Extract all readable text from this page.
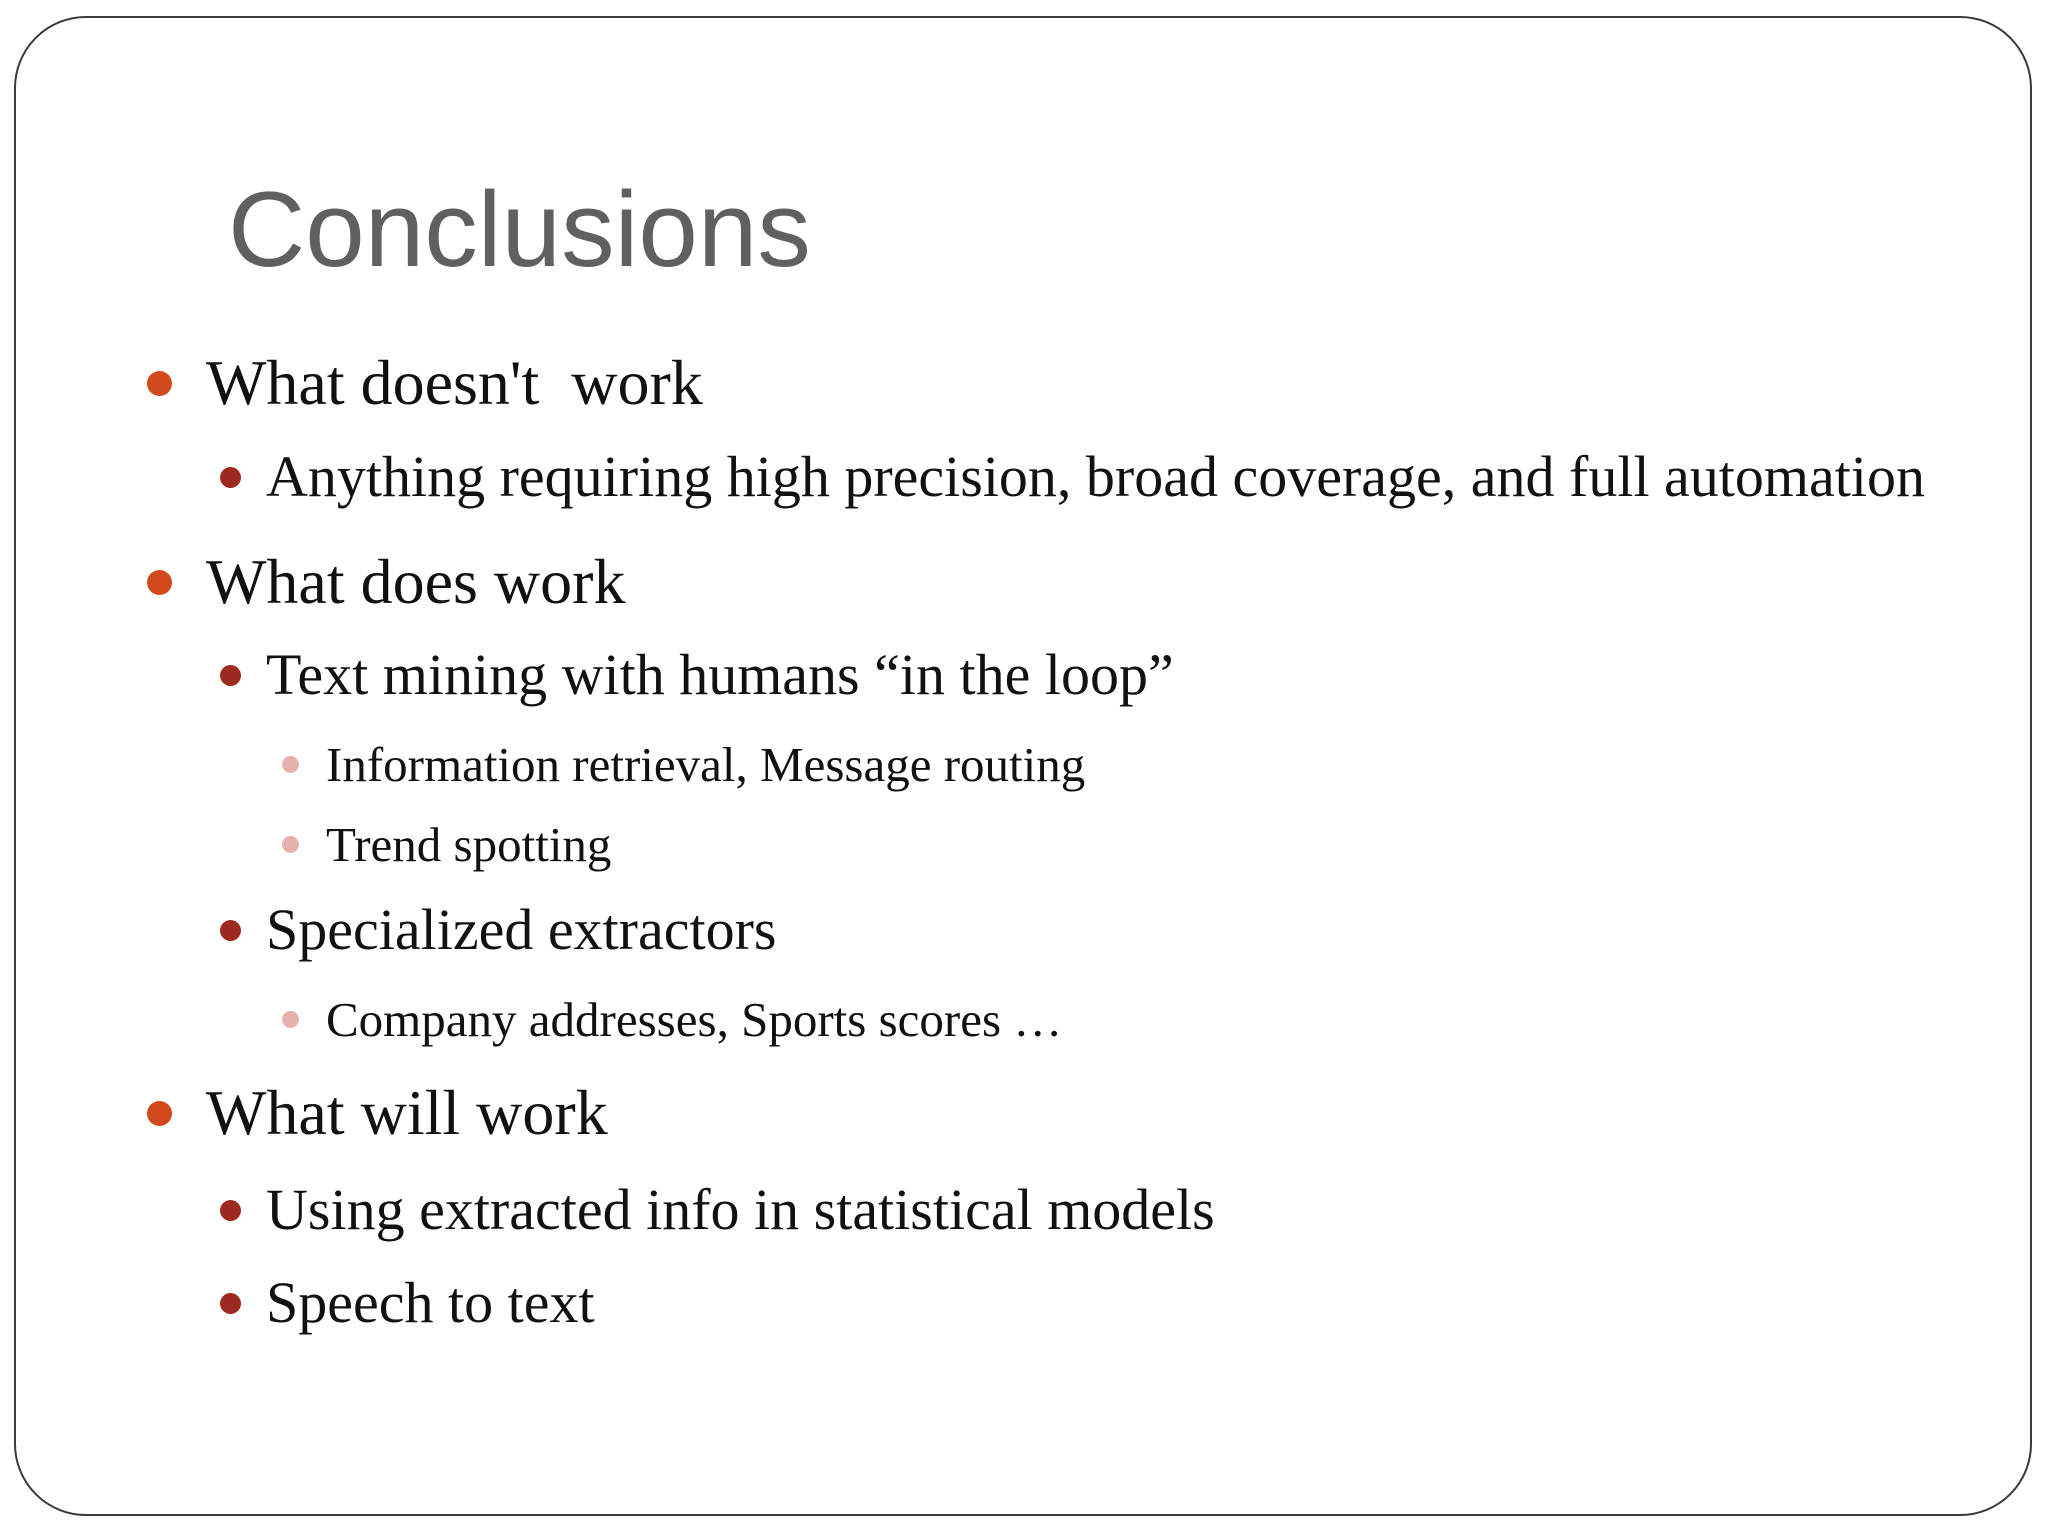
Conclusions
What doesn't  work
Anything requiring high precision, broad coverage, and full automation
What does work
Text mining with humans “in the loop”
Information retrieval, Message routing
Trend spotting
Specialized extractors
Company addresses, Sports scores …
What will work
Using extracted info in statistical models
Speech to text
